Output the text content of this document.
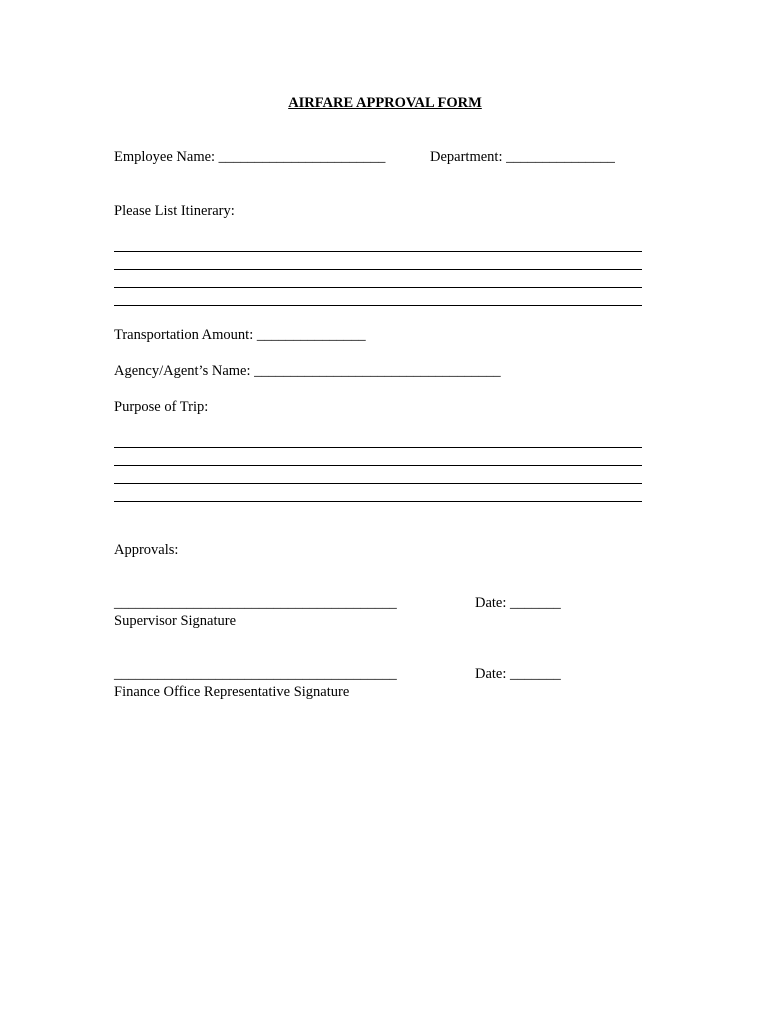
AIRFARE APPROVAL FORM
Employee Name: _______________________	Department: _______________
Please List Itinerary:
Transportation Amount: _______________
Agency/Agent’s Name: __________________________________
Purpose of Trip:
Approvals:
_______________________________________	Date: _______
Supervisor Signature
_______________________________________	Date: _______
Finance Office Representative Signature
